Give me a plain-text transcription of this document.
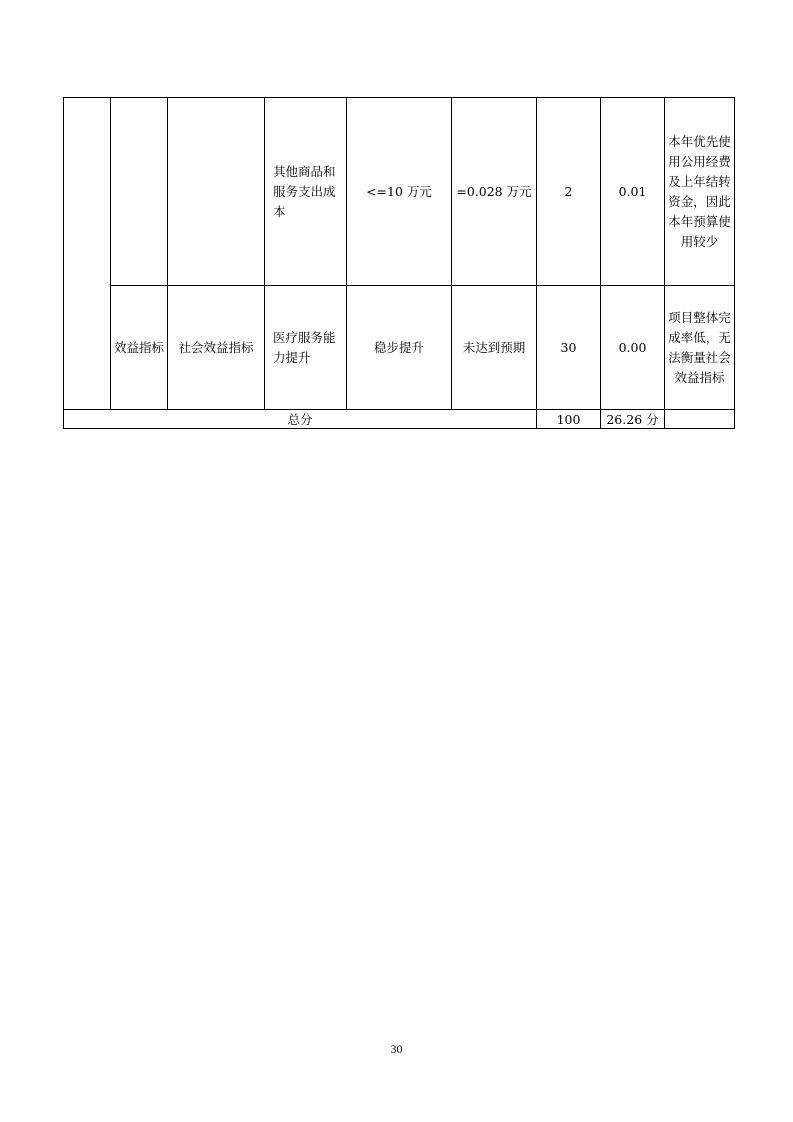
			其他商品和服务支出成本	<=10 万元	=0.028 万元	2	0.01	本年优先使用公用经费及上年结转资金，因此本年预算使用较少
	效益指标	社会效益指标	医疗服务能力提升	稳步提升	未达到预期	30	0.00	项目整体完成率低，无法衡量社会效益指标
总分						100	26.26 分	
30
